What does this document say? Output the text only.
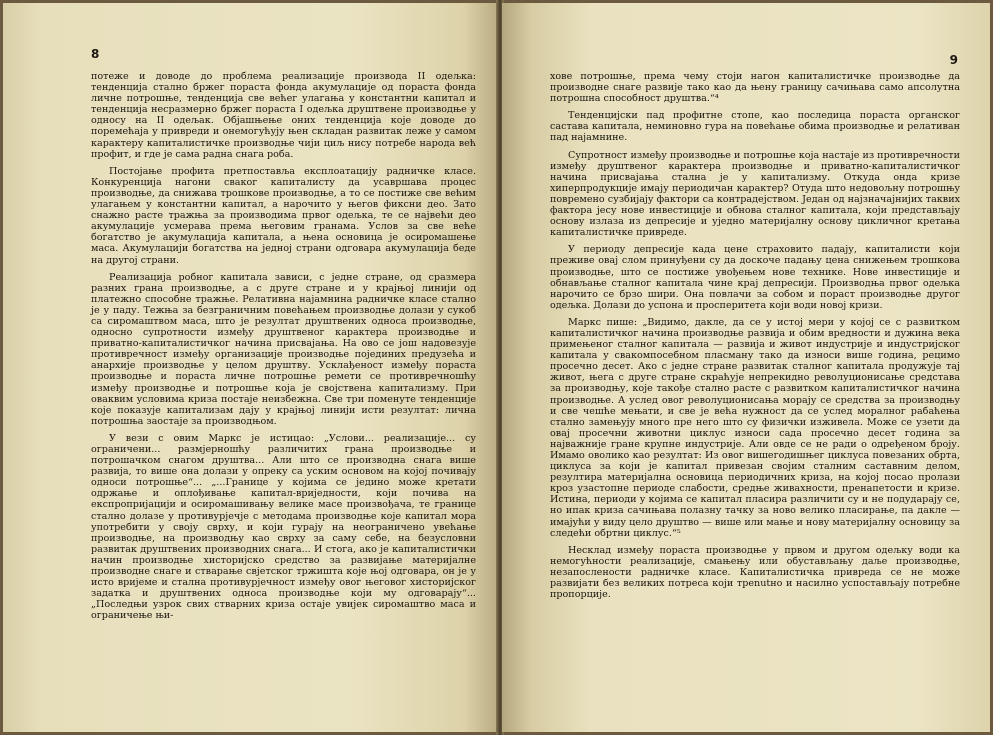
8

потеже и доводе до проблема реализације производа II одељка: тенденција стално бржег пораста фонда акумулације од пораста фонда личне потрошње, тенденција све већег улагања у константни капитал и тенденција несразмерно бржег пораста I одељка друштвене производње у односу на II одељак. Објашњење оних тенденција које доводе до поремећаја у привреди и онемогућују њен складан развитак леже у самом карактеру капиталистичке производње чији циљ нису потребе народа већ профит, и где је сама радна снага роба.

Постојање профита претпоставља експлоатацију радничке класе. Конкуренција нагони сваког капиталисту да усавршава процес производње, да снижава трошкове производње, а то се постиже све већим улагањем у константни капитал, а нарочито у његов фиксни део. Зато снажно расте тражња за производима првог одељка, те се највећи део акумулације усмерава према његовим гранама. Услов за све веће богатство је акумулација капитала, а њена основица је осиромашење маса. Акумулацији богатства на једној страни одговара акумулација беде на другој страни.

Реализација робног капитала зависи, с једне стране, од сразмера разних грана производње, а с друге стране и у крајњој линији од платежно способне тражње. Релативна најамнина радничке класе стално је у паду. Тежња за безграничним повећањем производње долази у сукоб са сиромаштвом маса, што је резултат друштвених односа производње, односно супротности између друштвеног карактера производње и приватно-капиталистичког начина присвајања. На ово се још надовезује противречност између организације производње појединих предузећа и анархије производње у целом друштву. Усклађеност између пораста производње и пораста личне потрошње ремети се противречношћу између производње и потрошње која је својствена капитализму. При оваквим условима криза постаје неизбежна. Све три поменуте тенденције које показује капитализам дају у крајњој линији исти резултат: лична потрошња заостаје за производњом.

У вези с овим Маркс је истицао: „Услови... реализације... су ограничени... размјерношћу различитих грана производње и потрошачком снагом друштва... Али што се производна снага више развија, то више она долази у опреку са уским основом на којој почивају односи потрошње“... „...Границе у којима се једино може кретати одржање и оплођивање капитал-вриједности, који почива на експропријацији и осиромашивању велике масе произвођача, те границе стално долазе у противурјечје с методама производње које капитал мора употребити у своју сврху, и који гурају на неограничено увећање производње, на производњу као сврху за саму себе, на безусловни развитак друштвених производних снага... И стога, ако је капиталистички начин производње хисторијско средство за развијање материјалне производне снаге и стварање свјетског тржишта које њој одговара, он је у исто вријеме и стална противурјечност између овог његовог хисторијског задатка и друштвених односа производње који му одговарају“... „Последњи узрок свих стварних криза остаје увијек сиромаштво маса и ограничење њи-

9

хове потрошње, према чему стоји нагон капиталистичке производње да производне снаге развије тако као да њену границу сачињава само апсолутна потрошна способност друштва.“⁴

Тенденцијски пад профитне стопе, као последица пораста органског састава капитала, неминовно гура на повећање обима производње и релативан пад најамнине.

Супротност између производње и потрошње која настаје из противречности између друштвеног карактера производње и приватно-капиталистичког начина присвајања стална је у капитализму. Откуда онда кризе хиперпродукције имају периодичан карактер? Отуда што недовољну потрошњу повремено сузбијају фактори са контрадејством. Један од најзначајнијих таквих фактора јесу нове инвестиције и обнова сталног капитала, који представљају основу излаза из депресије и уједно материјалну основу цикличног кретања капиталистичке привреде.

У периоду депресије када цене страховито падају, капиталисти који преживе овај слом принуђени су да доскоче падању цена снижењем трошкова производње, што се постиже увођењем нове технике. Нове инвестиције и обнављање сталног капитала чине крај депресији. Производња првог одељка нарочито се брзо шири. Она повлачи за собом и пораст производње другог одељка. Долази до успона и просперитета који води новој кризи.

Маркс пише: „Видимо, дакле, да се у истој мери у којој се с развитком капиталистичког начина производње развија и обим вредности и дужина века примењеног сталног капитала — развија и живот индустрије и индустријског капитала у свакомпосебном пласману тако да износи више година, рецимо просечно десет. Ако с једне стране развитак сталног капитала продужује тај живот, њега с друге стране скраћује непрекидно револуционисање средстава за производњу, које такође стално расте с развитком капиталистичког начина производње. А услед овог револуционисања морају се средства за производњу и све чешће мењати, и све је већа нужност да се услед моралног рабаћења стално замењују много пре него што су физички изживела. Може се узети да овај просечни животни циклус износи сада просечно десет година за најважније гране крупне индустрије. Али овде се не ради о одређеном броју. Имамо оволико као резултат: Из овог вишегодишњег циклуса повезаних обрта, циклуса за који је капитал привезан својим сталним саставним делом, резултира материјална основица периодичних криза, на којој посао пролази кроз узастопне периоде слабости, средње живахности, пренапетости и кризе. Истина, периоди у којима се капитал пласира различити су и не подударају се, но ипак криза сачињава полазну тачку за ново велико пласирање, па дакле — имајући у виду цело друштво — више или мање и нову материјалну основицу за следећи обртни циклус.“⁵

Несклад између пораста производње у првом и другом одељку води ка немогућности реализације, смањењу или обустављању даље производње, незапослености радничке класе. Капиталистичка привреда се не може развијати без великих потреса који трenutно и насилно успостављају потребне пропорције.
